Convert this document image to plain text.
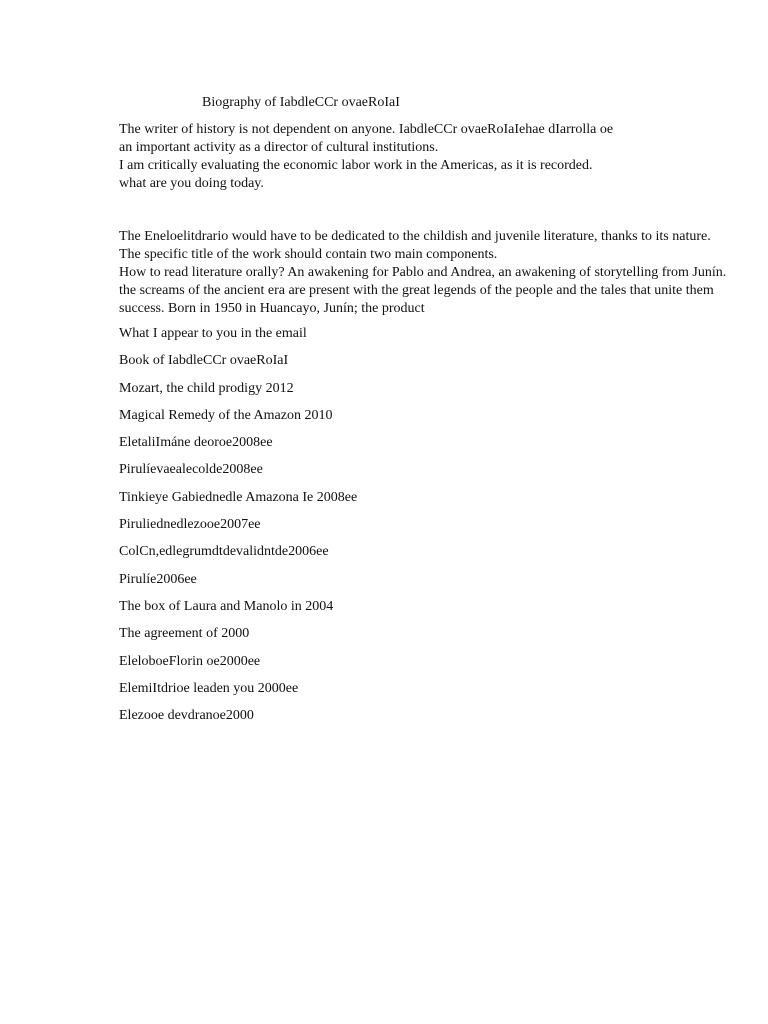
Biography of IabdleCCr ovaeRoIaI
The writer of history is not dependent on anyone. IabdleCCr ovaeRoIaIehae dIarrolla oe
an important activity as a director of cultural institutions.
I am critically evaluating the economic labor work in the Americas, as it is recorded.
what are you doing today.
The Eneloelitdrario would have to be dedicated to the childish and juvenile literature, thanks to its nature.
The specific title of the work should contain two main components.
How to read literature orally? An awakening for Pablo and Andrea, an awakening of storytelling from Junín.
the screams of the ancient era are present with the great legends of the people and the tales that unite them
success. Born in 1950 in Huancayo, Junín; the product
What I appear to you in the email
Book of IabdleCCr ovaeRoIaI
Mozart, the child prodigy 2012
Magical Remedy of the Amazon 2010
EletaliImáne deoroe2008ee
Pirulíevaealecolde2008ee
Tinkieye Gabiednedle Amazona Ie 2008ee
Piruliednedlezooe2007ee
ColCn,edlegrumdtdevalidntde2006ee
Pirulíe2006ee
The box of Laura and Manolo in 2004
The agreement of 2000
EleloboeFlorin oe2000ee
ElemiItdrioe leaden you 2000ee
Elezooe devdranoe2000
